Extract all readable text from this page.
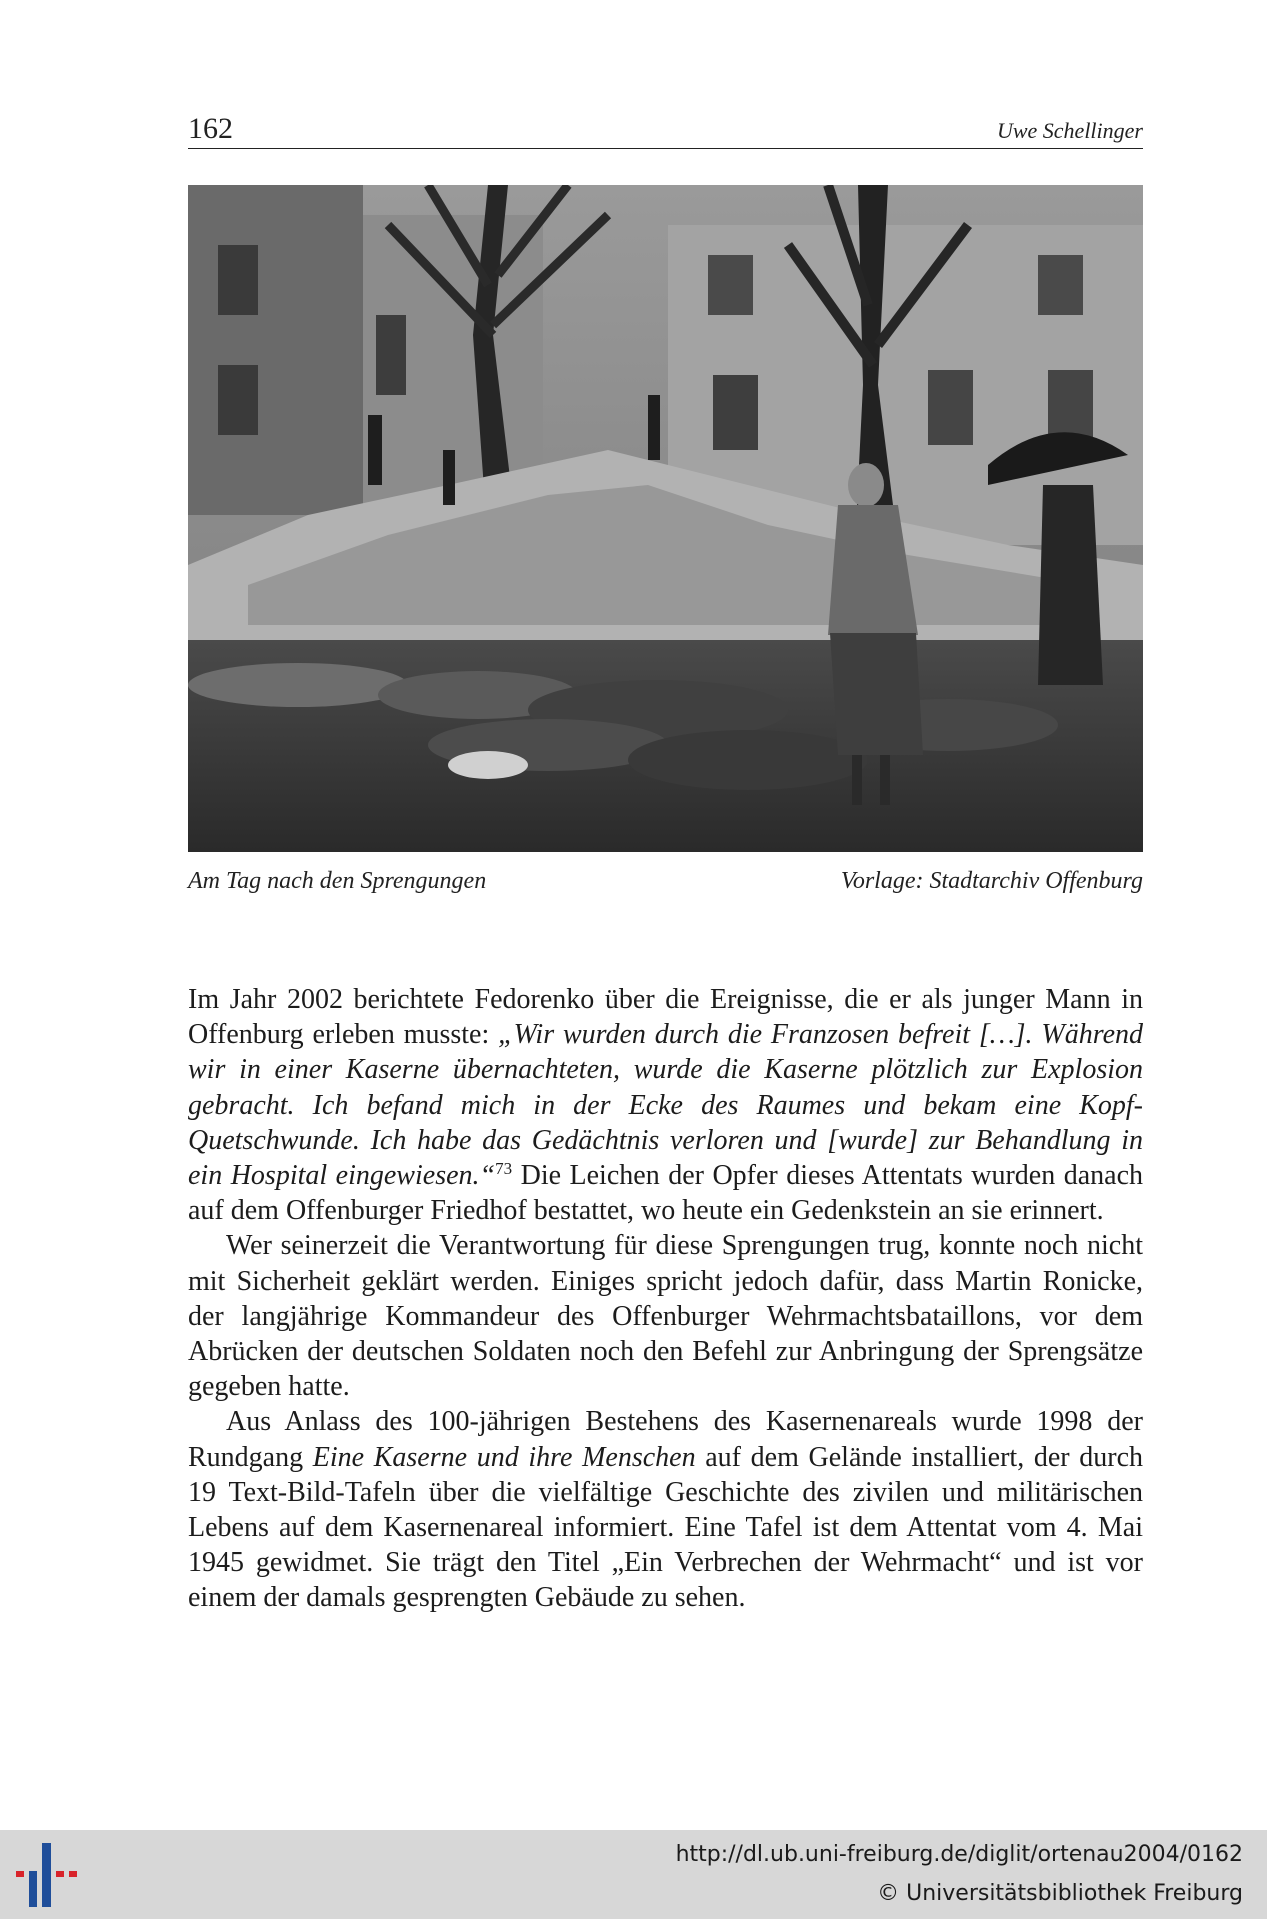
162	Uwe Schellinger
Am Tag nach den Sprengungen	Vorlage: Stadtarchiv Offenburg

Im Jahr 2002 berichtete Fedorenko über die Ereignisse, die er als junger Mann in Offenburg erleben musste: „Wir wurden durch die Franzosen befreit […]. Während wir in einer Kaserne übernachteten, wurde die Kaserne plötzlich zur Explosion gebracht. Ich befand mich in der Ecke des Raumes und bekam eine Kopf-Quetschwunde. Ich habe das Gedächtnis verloren und [wurde] zur Behandlung in ein Hospital eingewiesen.“$^{73}$ Die Leichen der Opfer dieses Attentats wurden danach auf dem Offenburger Friedhof bestattet, wo heute ein Gedenkstein an sie erinnert.

Wer seinerzeit die Verantwortung für diese Sprengungen trug, konnte noch nicht mit Sicherheit geklärt werden. Einiges spricht jedoch dafür, dass Martin Ronicke, der langjährige Kommandeur des Offenburger Wehrmachtsbataillons, vor dem Abrücken der deutschen Soldaten noch den Befehl zur Anbringung der Sprengsätze gegeben hatte.

Aus Anlass des 100-jährigen Bestehens des Kasernenareals wurde 1998 der Rundgang Eine Kaserne und ihre Menschen auf dem Gelände installiert, der durch 19 Text-Bild-Tafeln über die vielfältige Geschichte des zivilen und militärischen Lebens auf dem Kasernenareal informiert. Eine Tafel ist dem Attentat vom 4. Mai 1945 gewidmet. Sie trägt den Titel „Ein Verbrechen der Wehrmacht“ und ist vor einem der damals gesprengten Gebäude zu sehen.

http://dl.ub.uni-freiburg.de/diglit/ortenau2004/0162
© Universitätsbibliothek Freiburg
